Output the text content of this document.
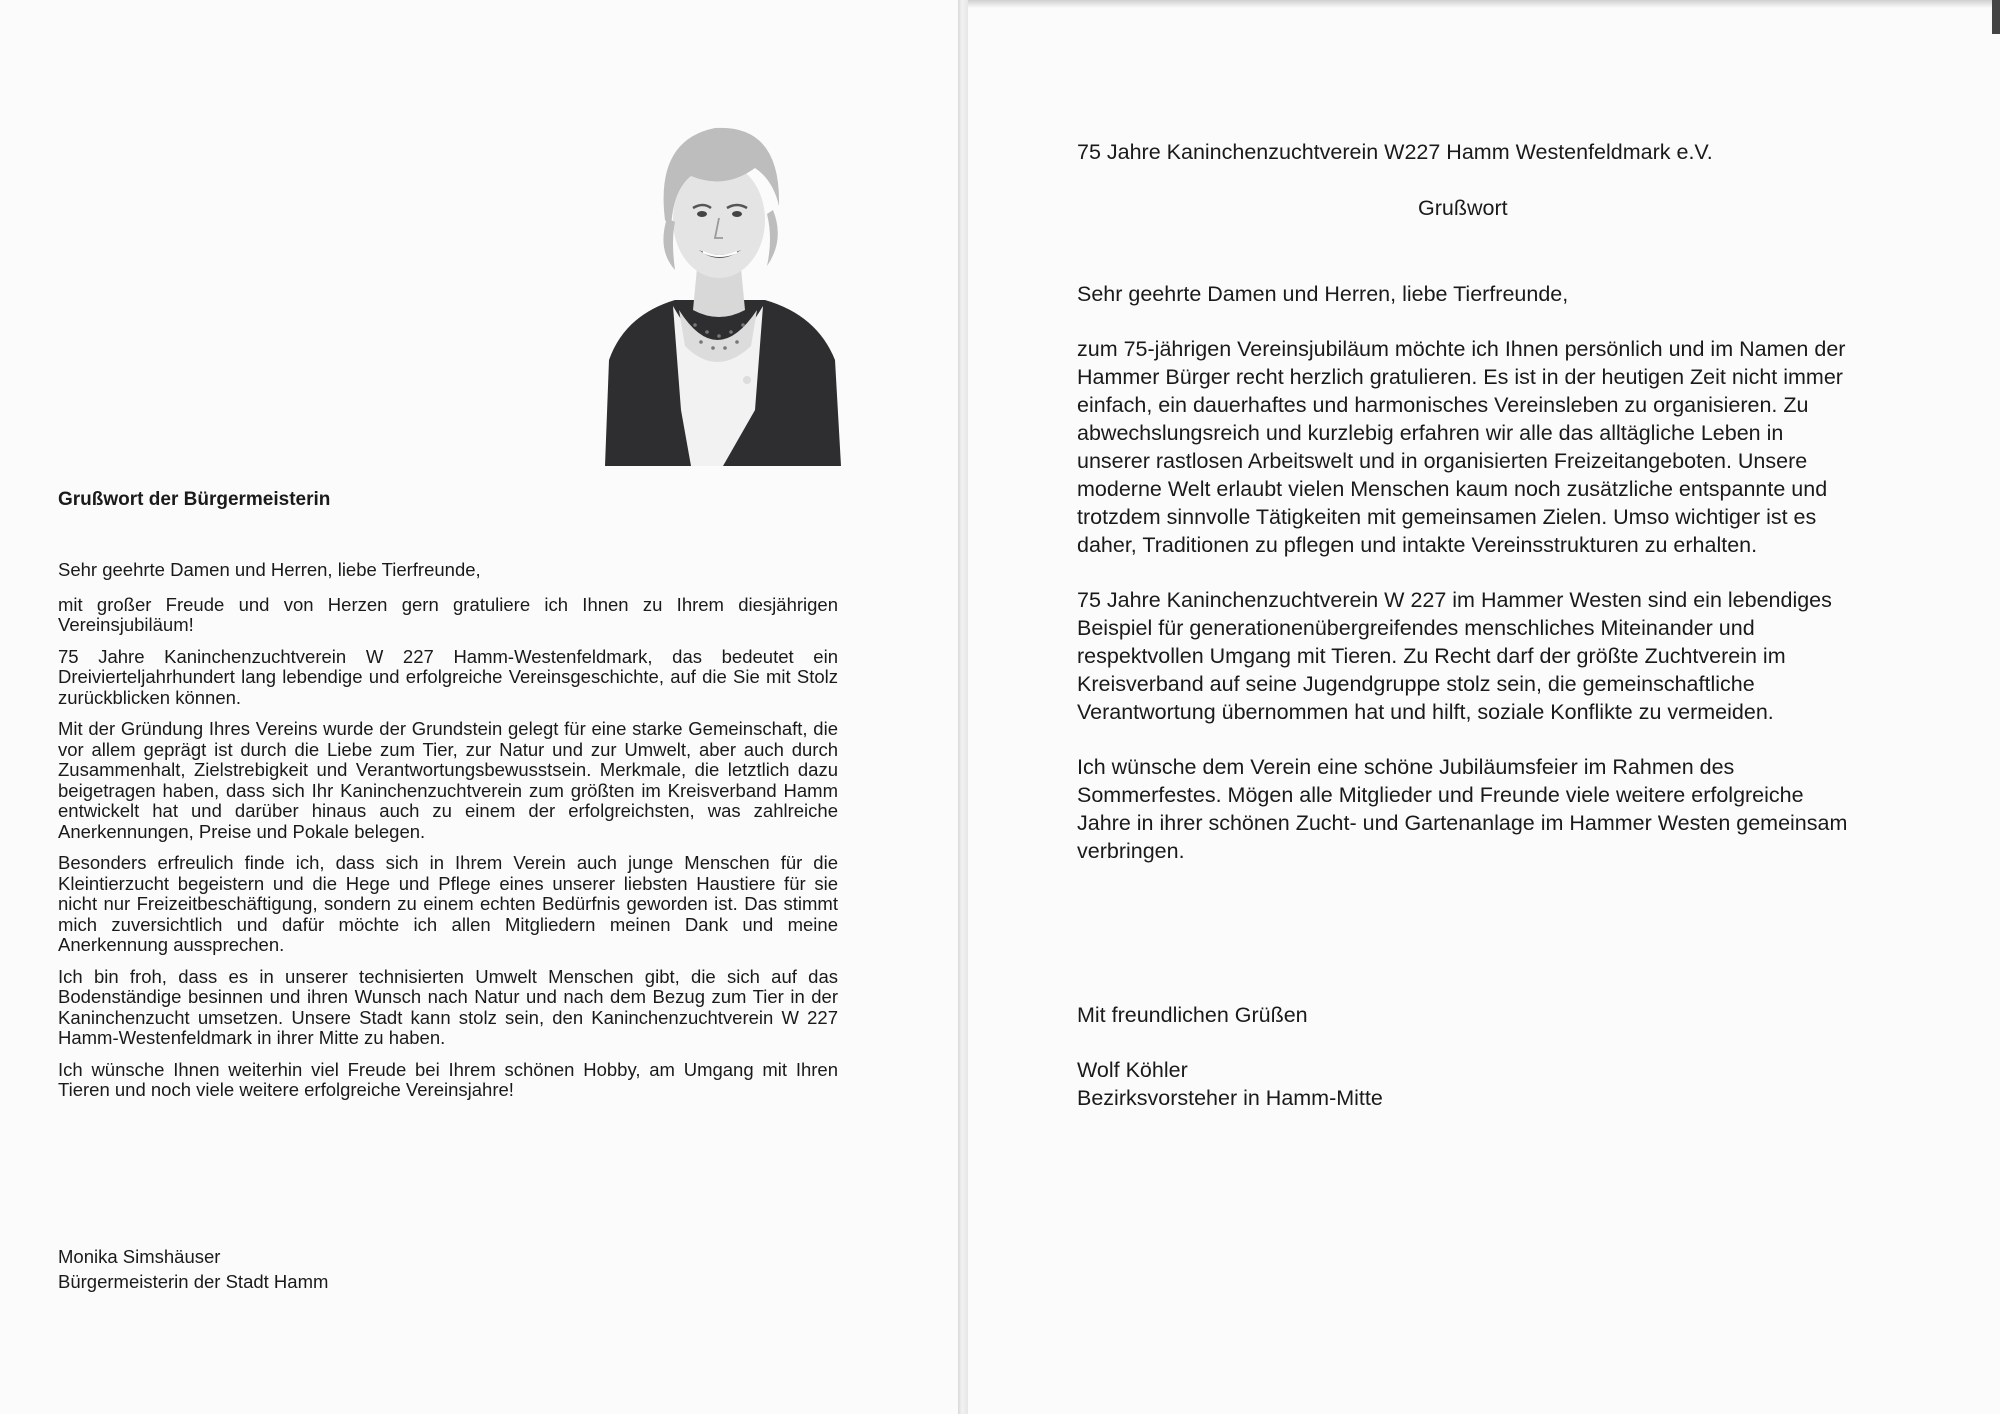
Grußwort der Bürgermeisterin

Sehr geehrte Damen und Herren, liebe Tierfreunde,

mit großer Freude und von Herzen gern gratuliere ich Ihnen zu Ihrem diesjährigen Vereinsjubiläum!

75 Jahre Kaninchenzuchtverein W 227 Hamm-Westenfeldmark, das bedeutet ein Dreivierteljahrhundert lang lebendige und erfolgreiche Vereinsgeschichte, auf die Sie mit Stolz zurückblicken können.

Mit der Gründung Ihres Vereins wurde der Grundstein gelegt für eine starke Gemeinschaft, die vor allem geprägt ist durch die Liebe zum Tier, zur Natur und zur Umwelt, aber auch durch Zusammenhalt, Zielstrebigkeit und Verantwortungsbewusstsein. Merkmale, die letztlich dazu beigetragen haben, dass sich Ihr Kaninchenzuchtverein zum größten im Kreisverband Hamm entwickelt hat und darüber hinaus auch zu einem der erfolgreichsten, was zahlreiche Anerkennungen, Preise und Pokale belegen.

Besonders erfreulich finde ich, dass sich in Ihrem Verein auch junge Menschen für die Kleintierzucht begeistern und die Hege und Pflege eines unserer liebsten Haustiere für sie nicht nur Freizeitbeschäftigung, sondern zu einem echten Bedürfnis geworden ist. Das stimmt mich zuversichtlich und dafür möchte ich allen Mitgliedern meinen Dank und meine Anerkennung aussprechen.

Ich bin froh, dass es in unserer technisierten Umwelt Menschen gibt, die sich auf das Bodenständige besinnen und ihren Wunsch nach Natur und nach dem Bezug zum Tier in der Kaninchenzucht umsetzen. Unsere Stadt kann stolz sein, den Kaninchenzuchtverein W 227 Hamm-Westenfeldmark in ihrer Mitte zu haben.

Ich wünsche Ihnen weiterhin viel Freude bei Ihrem schönen Hobby, am Umgang mit Ihren Tieren und noch viele weitere erfolgreiche Vereinsjahre!

Monika Simshäuser
Bürgermeisterin der Stadt Hamm

75 Jahre Kaninchenzuchtverein W227 Hamm Westenfeldmark e.V.

Grußwort

Sehr geehrte Damen und Herren, liebe Tierfreunde,

zum 75-jährigen Vereinsjubiläum möchte ich Ihnen persönlich und im Namen der Hammer Bürger recht herzlich gratulieren. Es ist in der heutigen Zeit nicht immer einfach, ein dauerhaftes und harmonisches Vereinsleben zu organisieren. Zu abwechslungsreich und kurzlebig erfahren wir alle das alltägliche Leben in unserer rastlosen Arbeitswelt und in organisierten Freizeitangeboten. Unsere moderne Welt erlaubt vielen Menschen kaum noch zusätzliche entspannte und trotzdem sinnvolle Tätigkeiten mit gemeinsamen Zielen. Umso wichtiger ist es daher, Traditionen zu pflegen und intakte Vereinsstrukturen zu erhalten.

75 Jahre Kaninchenzuchtverein W 227 im Hammer Westen sind ein lebendiges Beispiel für generationenübergreifendes menschliches Miteinander und respektvollen Umgang mit Tieren. Zu Recht darf der größte Zuchtverein im Kreisverband auf seine Jugendgruppe stolz sein, die gemeinschaftliche Verantwortung übernommen hat und hilft, soziale Konflikte zu vermeiden.

Ich wünsche dem Verein eine schöne Jubiläumsfeier im Rahmen des Sommerfestes. Mögen alle Mitglieder und Freunde viele weitere erfolgreiche Jahre in ihrer schönen Zucht- und Gartenanlage im Hammer Westen gemeinsam verbringen.

Mit freundlichen Grüßen
Wolf Köhler
Bezirksvorsteher in Hamm-Mitte
